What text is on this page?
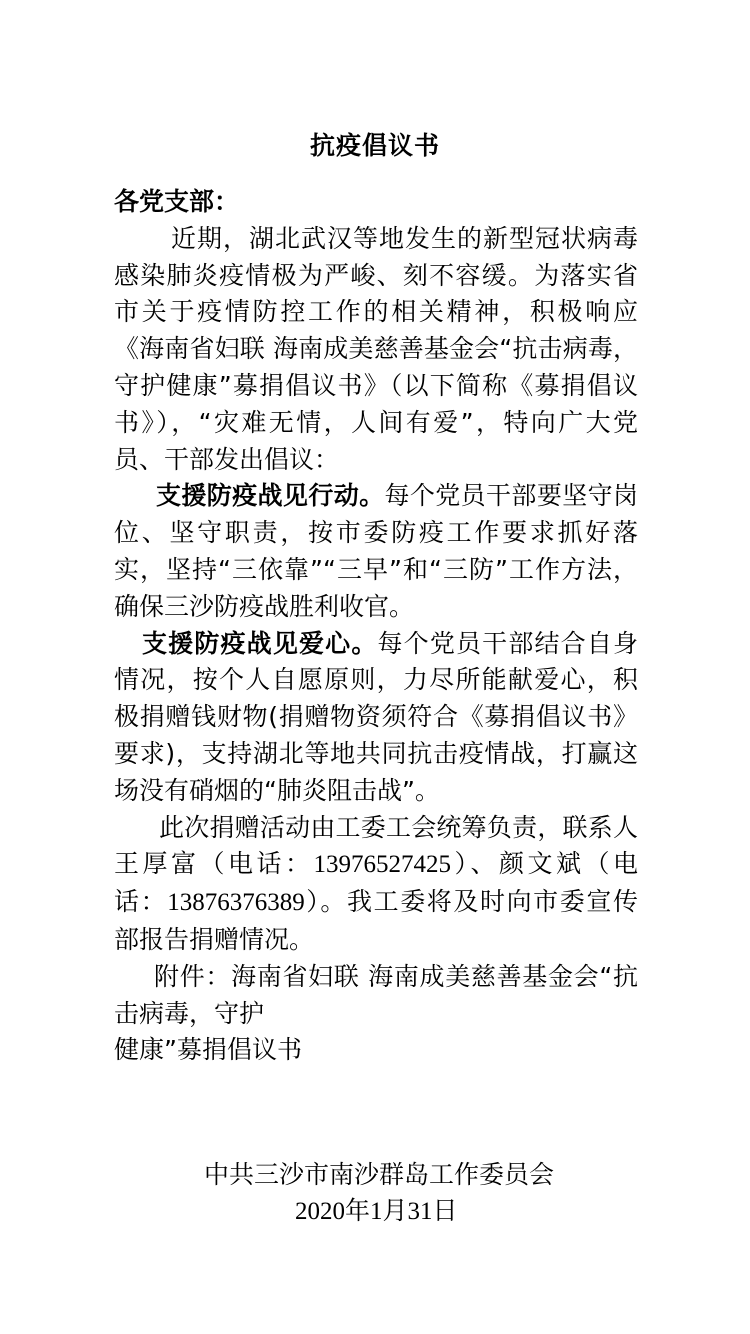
抗疫倡议书

各党支部：

近期，湖北武汉等地发生的新型冠状病毒感染肺炎疫情极为严峻、刻不容缓。为落实省市关于疫情防控工作的相关精神，积极响应《海南省妇联 海南成美慈善基金会“抗击病毒，守护健康”募捐倡议书》（以下简称《募捐倡议书》），“灾难无情，人间有爱”，特向广大党员、干部发出倡议：

支援防疫战见行动。每个党员干部要坚守岗位、坚守职责，按市委防疫工作要求抓好落实，坚持“三依靠”“三早”和“三防”工作方法，确保三沙防疫战胜利收官。

支援防疫战见爱心。每个党员干部结合自身情况，按个人自愿原则，力尽所能献爱心，积极捐赠钱财物(捐赠物资须符合《募捐倡议书》要求)，支持湖北等地共同抗击疫情战，打赢这场没有硝烟的“肺炎阻击战”。

此次捐赠活动由工委工会统筹负责，联系人王厚富（电话：13976527425）、颜文斌（电话：13876376389）。我工委将及时向市委宣传部报告捐赠情况。

附件：海南省妇联 海南成美慈善基金会“抗击病毒，守护

健康”募捐倡议书

中共三沙市南沙群岛工作委员会

2020年1月31日
